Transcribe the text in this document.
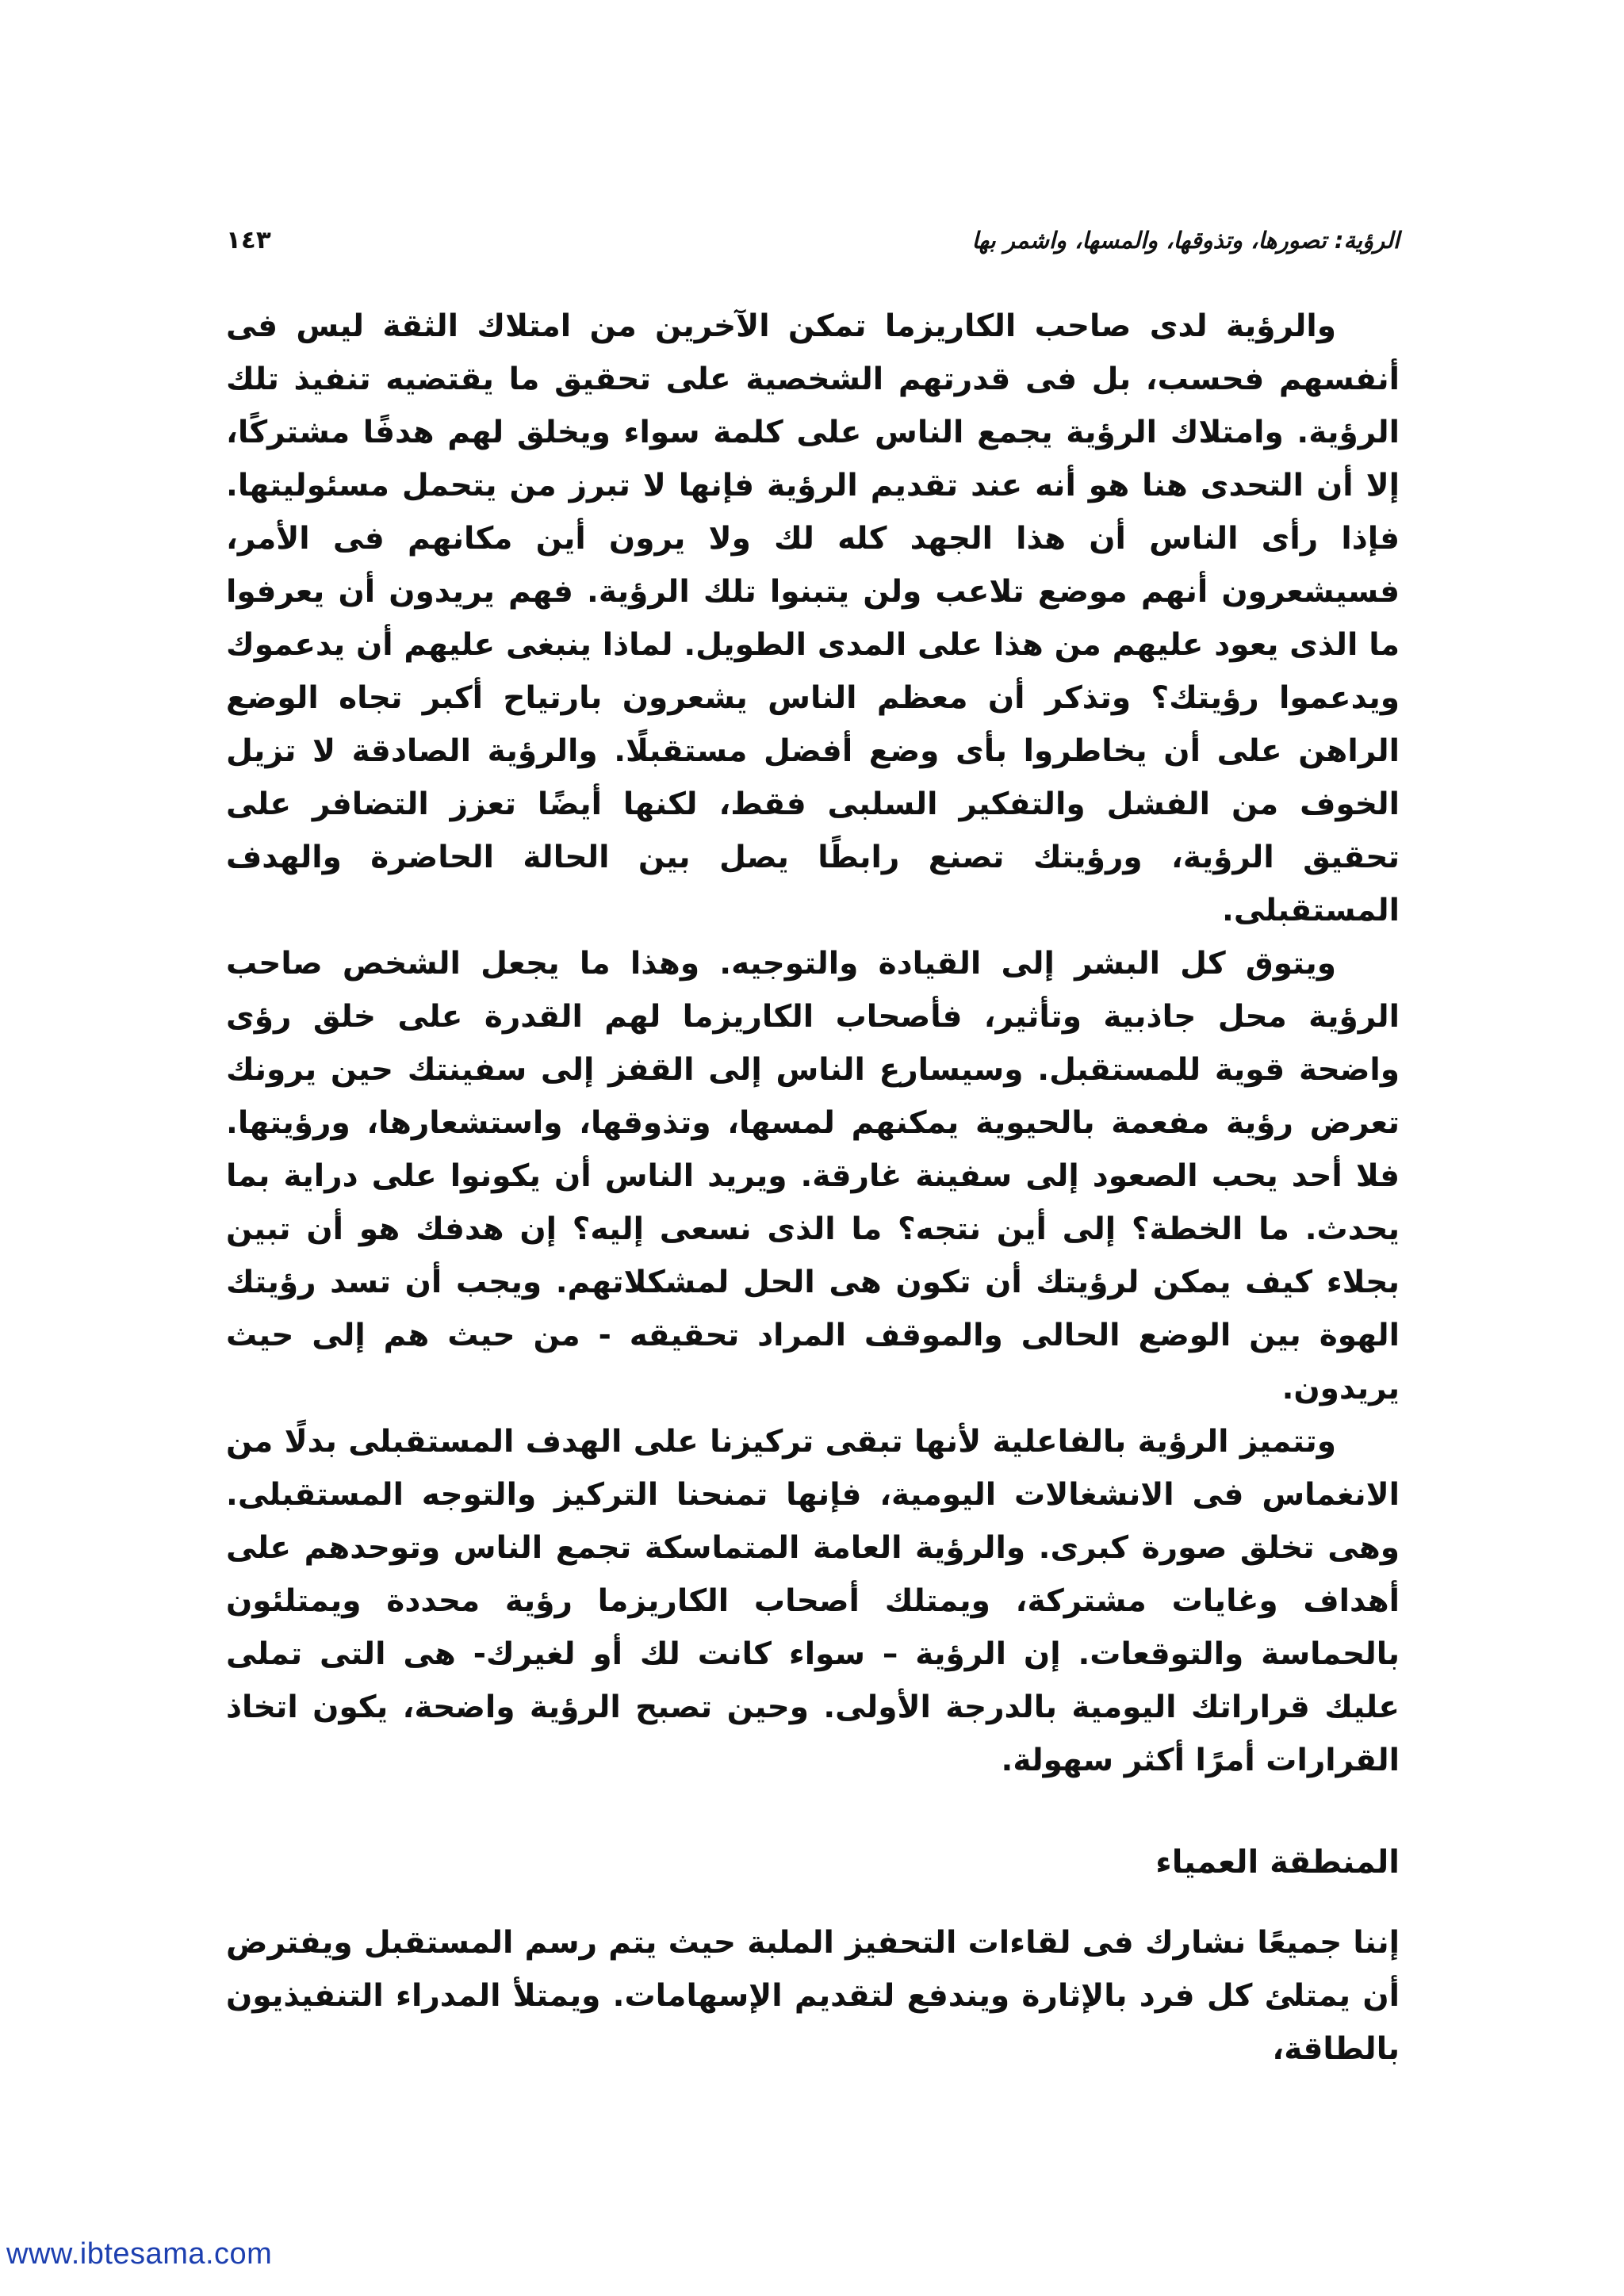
الرؤية: تصورها، وتذوقها، والمسها، واشمر بها
١٤٣

والرؤية لدى صاحب الكاريزما تمكن الآخرين من امتلاك الثقة ليس فى أنفسهم فحسب، بل فى قدرتهم الشخصية على تحقيق ما يقتضيه تنفيذ تلك الرؤية. وامتلاك الرؤية يجمع الناس على كلمة سواء ويخلق لهم هدفًا مشتركًا، إلا أن التحدى هنا هو أنه عند تقديم الرؤية فإنها لا تبرز من يتحمل مسئوليتها. فإذا رأى الناس أن هذا الجهد كله لك ولا يرون أين مكانهم فى الأمر، فسيشعرون أنهم موضع تلاعب ولن يتبنوا تلك الرؤية. فهم يريدون أن يعرفوا ما الذى يعود عليهم من هذا على المدى الطويل. لماذا ينبغى عليهم أن يدعموك ويدعموا رؤيتك؟ وتذكر أن معظم الناس يشعرون بارتياح أكبر تجاه الوضع الراهن على أن يخاطروا بأى وضع أفضل مستقبلًا. والرؤية الصادقة لا تزيل الخوف من الفشل والتفكير السلبى فقط، لكنها أيضًا تعزز التضافر على تحقيق الرؤية، ورؤيتك تصنع رابطًا يصل بين الحالة الحاضرة والهدف المستقبلى.

ويتوق كل البشر إلى القيادة والتوجيه. وهذا ما يجعل الشخص صاحب الرؤية محل جاذبية وتأثير، فأصحاب الكاريزما لهم القدرة على خلق رؤى واضحة قوية للمستقبل. وسيسارع الناس إلى القفز إلى سفينتك حين يرونك تعرض رؤية مفعمة بالحيوية يمكنهم لمسها، وتذوقها، واستشعارها، ورؤيتها. فلا أحد يحب الصعود إلى سفينة غارقة. ويريد الناس أن يكونوا على دراية بما يحدث. ما الخطة؟ إلى أين نتجه؟ ما الذى نسعى إليه؟ إن هدفك هو أن تبين بجلاء كيف يمكن لرؤيتك أن تكون هى الحل لمشكلاتهم. ويجب أن تسد رؤيتك الهوة بين الوضع الحالى والموقف المراد تحقيقه - من حيث هم إلى حيث يريدون.

وتتميز الرؤية بالفاعلية لأنها تبقى تركيزنا على الهدف المستقبلى بدلًا من الانغماس فى الانشغالات اليومية، فإنها تمنحنا التركيز والتوجه المستقبلى. وهى تخلق صورة كبرى. والرؤية العامة المتماسكة تجمع الناس وتوحدهم على أهداف وغايات مشتركة، ويمتلك أصحاب الكاريزما رؤية محددة ويمتلئون بالحماسة والتوقعات. إن الرؤية – سواء كانت لك أو لغيرك- هى التى تملى عليك قراراتك اليومية بالدرجة الأولى. وحين تصبح الرؤية واضحة، يكون اتخاذ القرارات أمرًا أكثر سهولة.

المنطقة العمياء

إننا جميعًا نشارك فى لقاءات التحفيز الملبة حيث يتم رسم المستقبل ويفترض أن يمتلئ كل فرد بالإثارة ويندفع لتقديم الإسهامات. ويمتلأ المدراء التنفيذيون بالطاقة،

www.ibtesama.com
